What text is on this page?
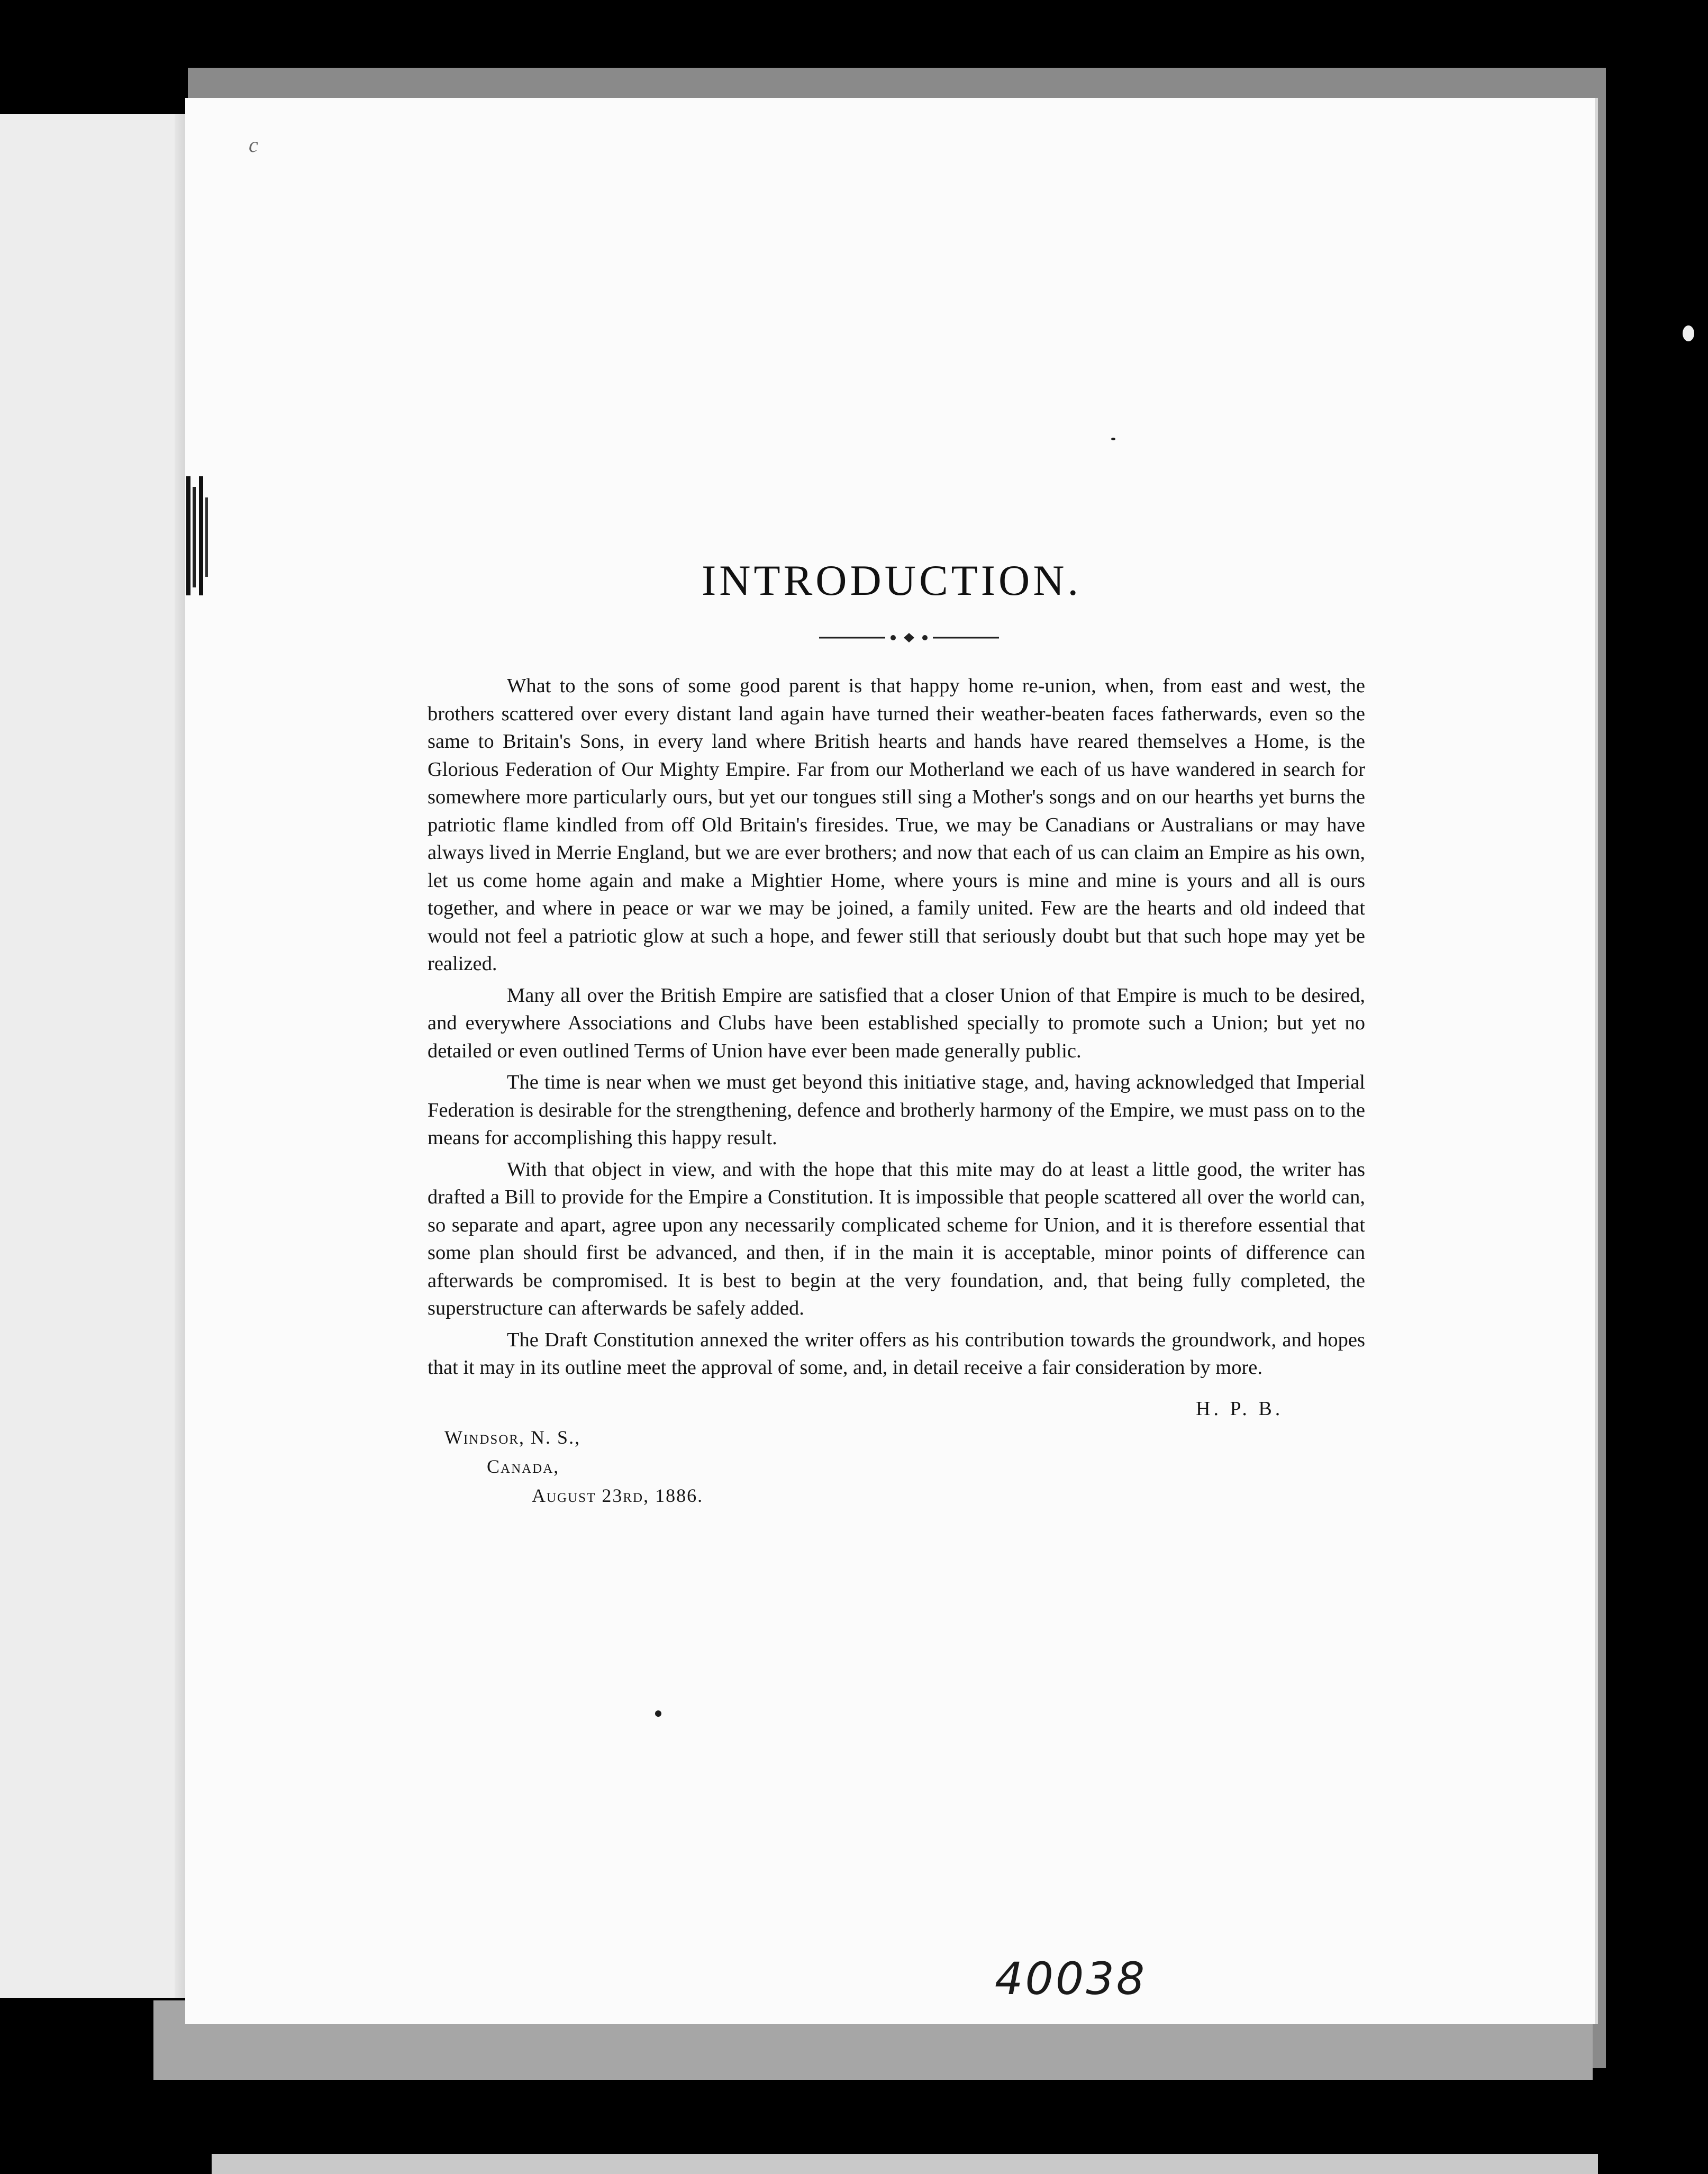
c
INTRODUCTION.

What to the sons of some good parent is that happy home re-union, when, from east and west, the brothers scattered over every distant land again have turned their weather-beaten faces fatherwards, even so the same to Britain's Sons, in every land where British hearts and hands have reared themselves a Home, is the Glorious Federation of Our Mighty Empire. Far from our Motherland we each of us have wandered in search for somewhere more particularly ours, but yet our tongues still sing a Mother's songs and on our hearths yet burns the patriotic flame kindled from off Old Britain's firesides. True, we may be Canadians or Australians or may have always lived in Merrie England, but we are ever brothers; and now that each of us can claim an Empire as his own, let us come home again and make a Mightier Home, where yours is mine and mine is yours and all is ours together, and where in peace or war we may be joined, a family united. Few are the hearts and old indeed that would not feel a patriotic glow at such a hope, and fewer still that seriously doubt but that such hope may yet be realized.

Many all over the British Empire are satisfied that a closer Union of that Empire is much to be desired, and everywhere Associations and Clubs have been established specially to promote such a Union; but yet no detailed or even outlined Terms of Union have ever been made generally public.

The time is near when we must get beyond this initiative stage, and, having acknowledged that Imperial Federation is desirable for the strengthening, defence and brotherly harmony of the Empire, we must pass on to the means for accomplishing this happy result.

With that object in view, and with the hope that this mite may do at least a little good, the writer has drafted a Bill to provide for the Empire a Constitution. It is impossible that people scattered all over the world can, so separate and apart, agree upon any necessarily complicated scheme for Union, and it is therefore essential that some plan should first be advanced, and then, if in the main it is acceptable, minor points of difference can afterwards be compromised. It is best to begin at the very foundation, and, that being fully completed, the superstructure can afterwards be safely added.

The Draft Constitution annexed the writer offers as his contribution towards the groundwork, and hopes that it may in its outline meet the approval of some, and, in detail receive a fair consideration by more.

H. P. B.
Windsor, N. S.,
Canada,
August 23rd, 1886.
40038
